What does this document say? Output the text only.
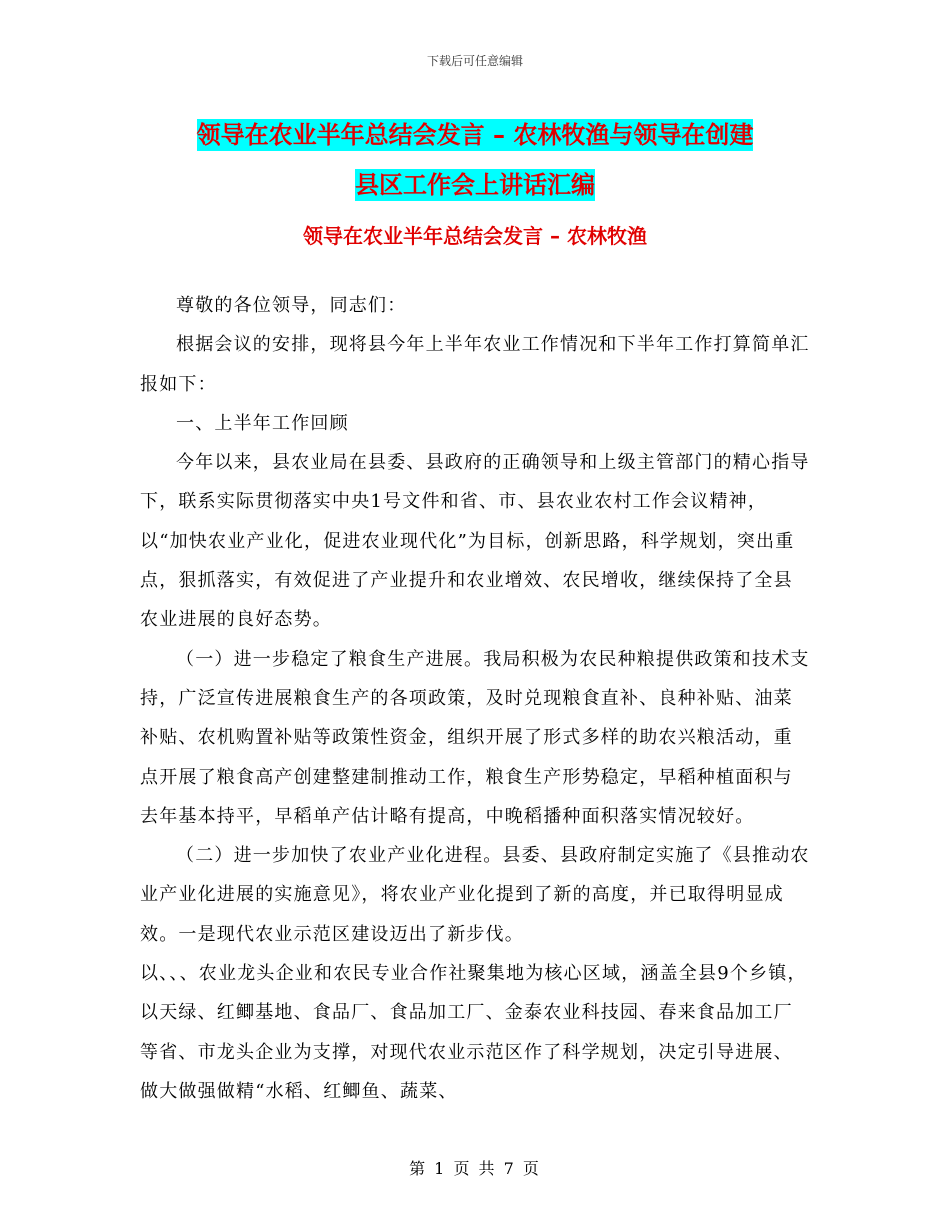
下载后可任意编辑
领导在农业半年总结会发言 – 农林牧渔与领导在创建
县区工作会上讲话汇编
领导在农业半年总结会发言 – 农林牧渔

尊敬的各位领导，同志们：

根据会议的安排，现将县今年上半年农业工作情况和下半年工作打算简单汇报如下：

一、上半年工作回顾

今年以来，县农业局在县委、县政府的正确领导和上级主管部门的精心指导下，联系实际贯彻落实中央1号文件和省、市、县农业农村工作会议精神，以“加快农业产业化，促进农业现代化”为目标，创新思路，科学规划，突出重点，狠抓落实，有效促进了产业提升和农业增效、农民增收，继续保持了全县农业进展的良好态势。

（一）进一步稳定了粮食生产进展。我局积极为农民种粮提供政策和技术支持，广泛宣传进展粮食生产的各项政策，及时兑现粮食直补、良种补贴、油菜补贴、农机购置补贴等政策性资金，组织开展了形式多样的助农兴粮活动，重点开展了粮食高产创建整建制推动工作，粮食生产形势稳定，早稻种植面积与去年基本持平，早稻单产估计略有提高，中晚稻播种面积落实情况较好。

（二）进一步加快了农业产业化进程。县委、县政府制定实施了《县推动农业产业化进展的实施意见》，将农业产业化提到了新的高度，并已取得明显成效。一是现代农业示范区建设迈出了新步伐。

以、、、农业龙头企业和农民专业合作社聚集地为核心区域，涵盖全县9个乡镇，以天绿、红鲫基地、食品厂、食品加工厂、金泰农业科技园、春来食品加工厂等省、市龙头企业为支撑，对现代农业示范区作了科学规划，决定引导进展、做大做强做精“水稻、红鲫鱼、蔬菜、

第 1 页 共 7 页
